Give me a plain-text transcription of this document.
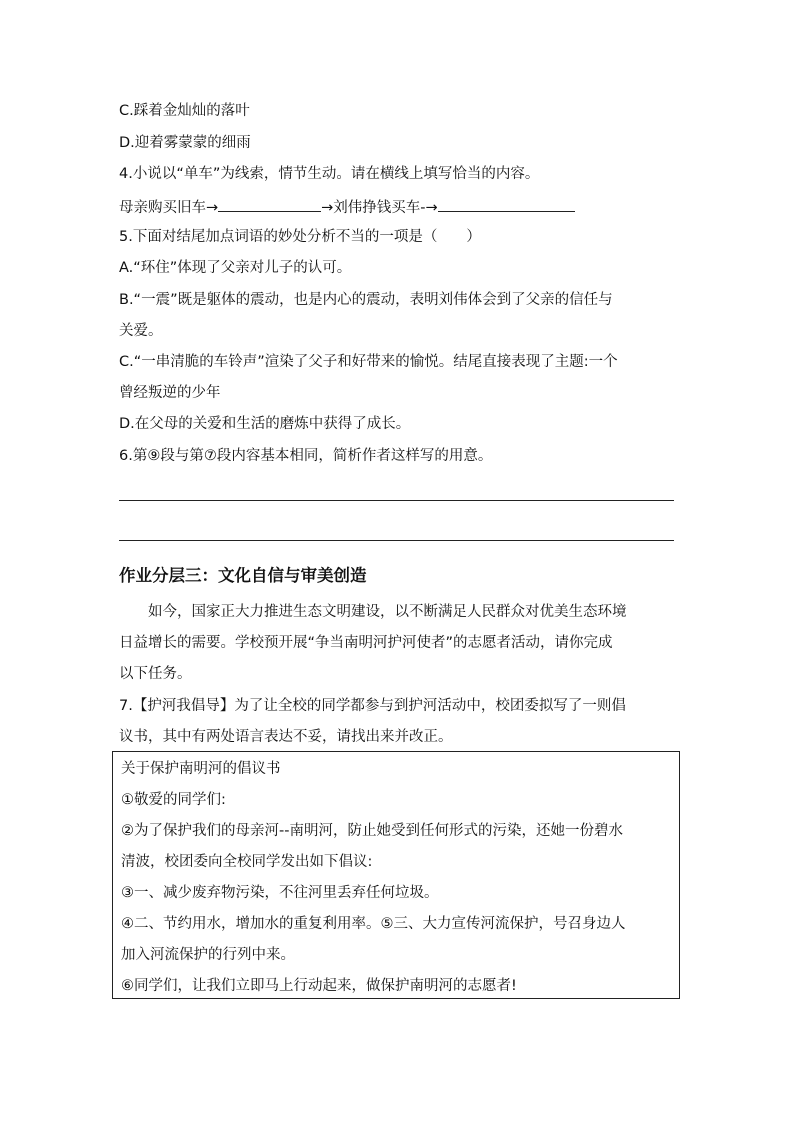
C.踩着金灿灿的落叶
D.迎着雾蒙蒙的细雨
4.小说以“单车”为线索，情节生动。请在横线上填写恰当的内容。
母亲购买旧车→	→刘伟挣钱买车-→
5.下面对结尾加点词语的妙处分析不当的一项是（　　）
A.“环住”体现了父亲对儿子的认可。
B.“一震”既是躯体的震动，也是内心的震动，表明刘伟体会到了父亲的信任与
关爱。
C.“一串清脆的车铃声”渲染了父子和好带来的愉悦。结尾直接表现了主题:一个
曾经叛逆的少年
D.在父母的关爱和生活的磨炼中获得了成长。
6.第⑨段与第⑦段内容基本相同，简析作者这样写的用意。
作业分层三：文化自信与审美创造
如今，国家正大力推进生态文明建设，以不断满足人民群众对优美生态环境
日益增长的需要。学校预开展“争当南明河护河使者”的志愿者活动，请你完成
以下任务。
7.【护河我倡导】为了让全校的同学都参与到护河活动中，校团委拟写了一则倡
议书，其中有两处语言表达不妥，请找出来并改正。
关于保护南明河的倡议书
①敬爱的同学们:
②为了保护我们的母亲河--南明河，防止她受到任何形式的污染，还她一份碧水
清波，校团委向全校同学发出如下倡议:
③一、减少废弃物污染，不往河里丢弃任何垃圾。
④二、节约用水，增加水的重复利用率。⑤三、大力宣传河流保护，号召身边人
加入河流保护的行列中来。
⑥同学们，让我们立即马上行动起来，做保护南明河的志愿者!
